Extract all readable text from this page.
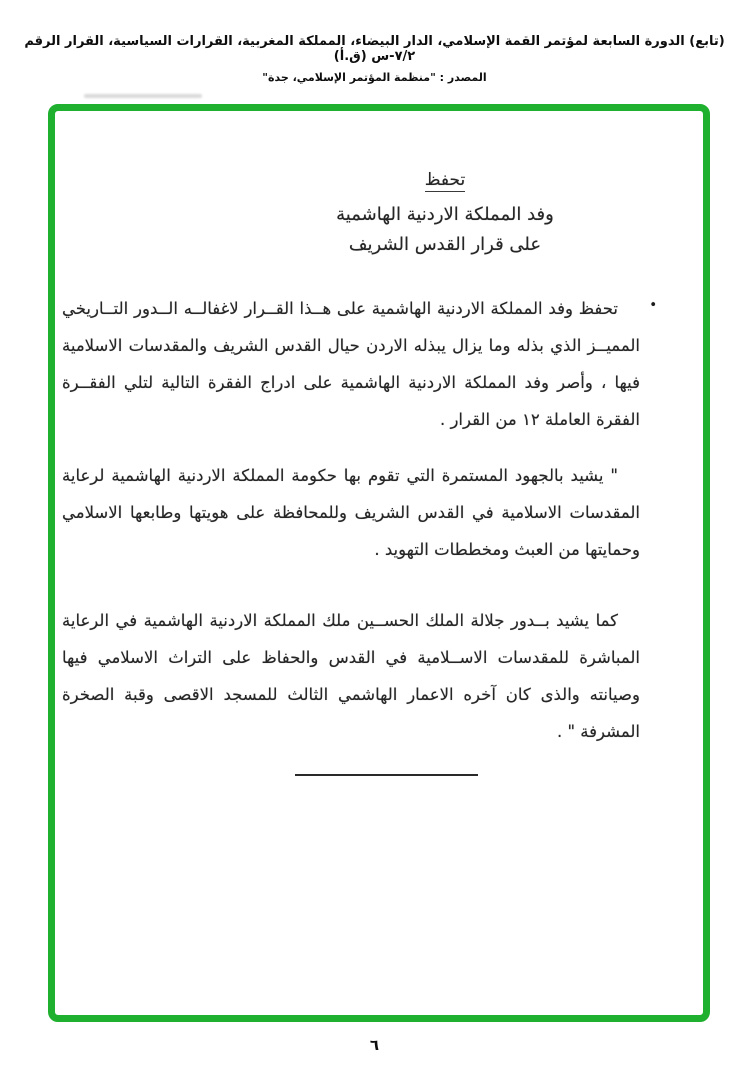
(تابع) الدورة السابعة لمؤتمر القمة الإسلامي، الدار البيضاء، المملكة المغربية، القرارات السياسية، القرار الرقم ٧/٢-س (ق.أ)
المصدر : "منظمة المؤتمر الإسلامي، جدة"
تحفظ
وفد المملكة الاردنية الهاشمية
على قرار القدس الشريف
•
تحفظ وفد المملكة الاردنية الهاشمية على هــذا القــرار لاغفالــه الــدور التــاريخي المميــز الذي بذله وما يزال يبذله الاردن حيال القدس الشريف والمقدسات الاسلامية فيها ، وأصر وفد المملكة الاردنية الهاشمية على ادراج الفقرة التالية لتلي الفقــرة الفقرة العاملة ١٢ من القرار .
" يشيد بالجهود المستمرة التي تقوم بها حكومة المملكة الاردنية الهاشمية لرعاية المقدسات الاسلامية في القدس الشريف وللمحافظة على هويتها وطابعها الاسلامي وحمايتها من العبث ومخططات التهويد .
كما يشيد بــدور جلالة الملك الحســين ملك المملكة الاردنية الهاشمية في الرعاية المباشرة للمقدسات الاســلامية في القدس والحفاظ على التراث الاسلامي فيها وصيانته والذى كان آخره الاعمار الهاشمي الثالث للمسجد الاقصى وقبة الصخرة المشرفة " .
٦
